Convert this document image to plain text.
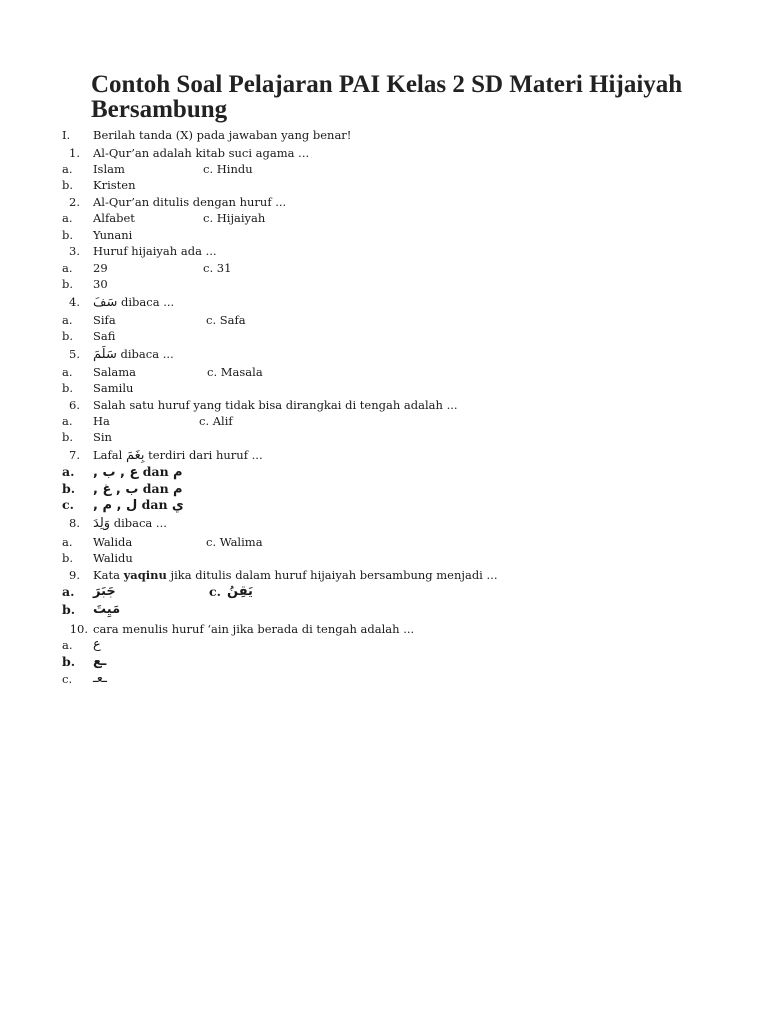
Contoh Soal Pelajaran PAI Kelas 2 SD Materi Hijaiyah Bersambung
I.	Berilah tanda (X) pada jawaban yang benar!
1. Al-Qur’an adalah kitab suci agama ...
a.	Islam	c. Hindu
b.	Kristen
2. Al-Qur’an ditulis dengan huruf ...
a.	Alfabet	c. Hijaiyah
b.	Yunani
3. Huruf hijaiyah ada ...
a.	29	c. 31
b.	30
4. سَفَ dibaca ...
a.	Sifa	c. Safa
b.	Safi
5. سَلَمَ dibaca ...
a.	Salama	c. Masala
b.	Samilu
6. Salah satu huruf yang tidak bisa dirangkai di tengah adalah ...
a.	Ha	c. Alif
b.	Sin
7. Lafal بِغَمَ terdiri dari huruf ...
a.	ع , ب , dan م
b.	ب , غ , dan م
c.	ل , م , dan ي
8. وَلِدَ dibaca ...
a.	Walida	c. Walima
b.	Walidu
9. Kata yaqinu jika ditulis dalam huruf hijaiyah bersambung menjadi ...
a.	جَبَرَ	c. يَقِنُ
b.	مَيِتَ
10. cara menulis huruf ‘ain jika berada di tengah adalah ...
a.	ع
b.	ـع
c.	ـعـ
